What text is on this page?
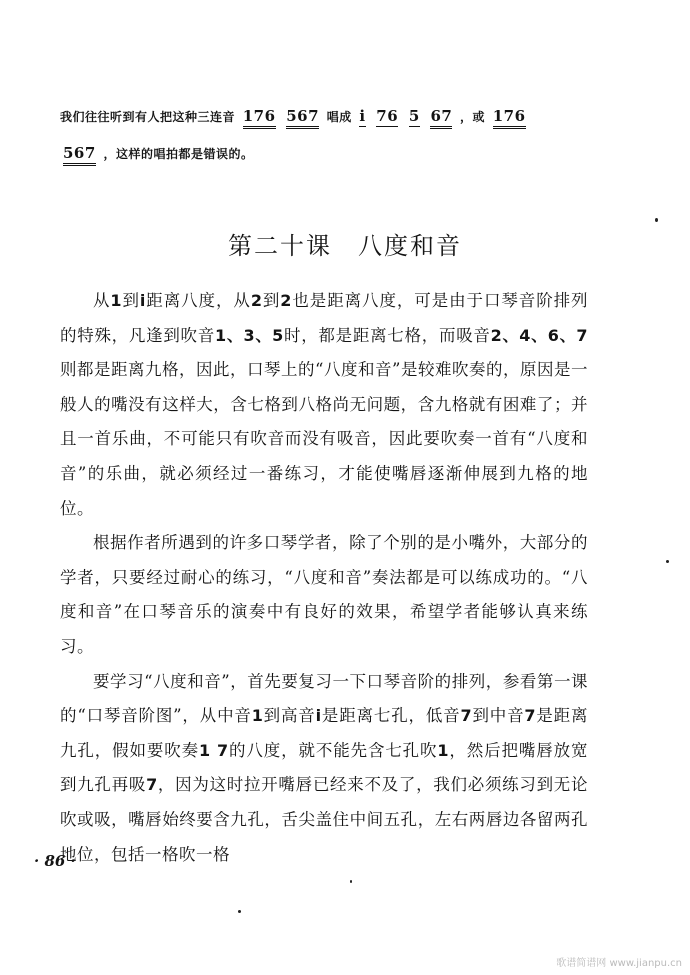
我们往往听到有人把这种三连音 176 567 唱成 i 76 5 67 ，或 176
567 ，这样的唱拍都是错误的。
第二十课　八度和音

从1到i距离八度，从2到2也是距离八度，可是由于口琴音阶排列的特殊，凡逢到吹音1、3、5时，都是距离七格，而吸音2、4、6、7则都是距离九格，因此，口琴上的“八度和音”是较难吹奏的，原因是一般人的嘴没有这样大，含七格到八格尚无问题，含九格就有困难了；并且一首乐曲，不可能只有吹音而没有吸音，因此要吹奏一首有“八度和音”的乐曲，就必须经过一番练习，才能使嘴唇逐渐伸展到九格的地位。

根据作者所遇到的许多口琴学者，除了个别的是小嘴外，大部分的学者，只要经过耐心的练习，“八度和音”奏法都是可以练成功的。“八度和音”在口琴音乐的演奏中有良好的效果，希望学者能够认真来练习。

要学习“八度和音”，首先要复习一下口琴音阶的排列，参看第一课的“口琴音阶图”，从中音1到高音i是距离七孔，低音7到中音7是距离九孔，假如要吹奏1 7的八度，就不能先含七孔吹1，然后把嘴唇放宽到九孔再吸7，因为这时拉开嘴唇已经来不及了，我们必须练习到无论吹或吸，嘴唇始终要含九孔，舌尖盖住中间五孔，左右两唇边各留两孔地位，包括一格吹一格

· 86 ·
歌谱简谱网 www.jianpu.cn
